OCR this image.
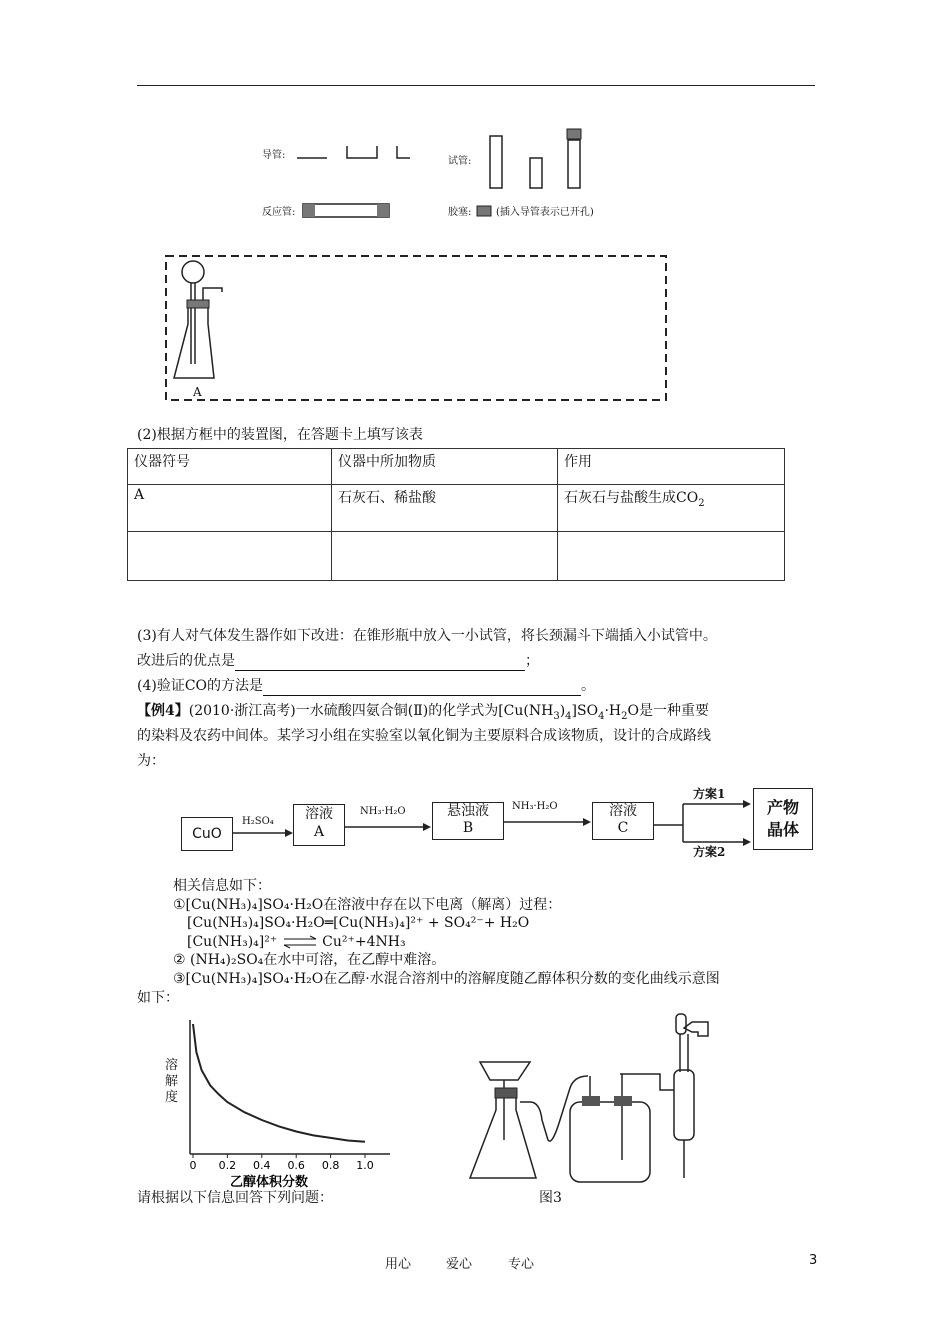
导管:
试管:
反应管:	胶塞: (插入导管表示已开孔)
A
(2)根据方框中的装置图，在答题卡上填写该表
仪器符号	仪器中所加物质	作用
A	石灰石、稀盐酸	石灰石与盐酸生成$CO_2$

(3)有人对气体发生器作如下改进：在锥形瓶中放入一小试管，将长颈漏斗下端插入小试管中。
改进后的优点是	；
(4)验证CO的方法是	。
【例4】(2010·浙江高考)一水硫酸四氨合铜(Ⅱ)的化学式为$[Cu(NH_3)_4]SO_4\cdot H_2O$是一种重要
的染料及农药中间体。某学习小组在实验室以氧化铜为主要原料合成该物质，设计的合成路线
为：
CuO
H₂SO₄	溶液
A
NH₃·H₂O	悬浊液
B
NH₃·H₂O	溶液
C
方案1
方案2
产物
晶体
相关信息如下：
①[Cu(NH₃)₄]SO₄·H₂O在溶液中存在以下电离（解离）过程：
[Cu(NH₃)₄]SO₄·H₂O═[Cu(NH₃)₄]²⁺ + SO₄²⁻+ H₂O
[Cu(NH₃)₄]²⁺ ⇌ Cu²⁺+4NH₃
② (NH₄)₂SO₄在水中可溶，在乙醇中难溶。
③[Cu(NH₃)₄]SO₄·H₂O在乙醇·水混合溶剂中的溶解度随乙醇体积分数的变化曲线示意图
如下：
0 0.2 0.4 0.6 0.8 1.0
乙醇体积分数
溶解度
请根据以下信息回答下列问题：	图3
用心	爱心	专心	3
